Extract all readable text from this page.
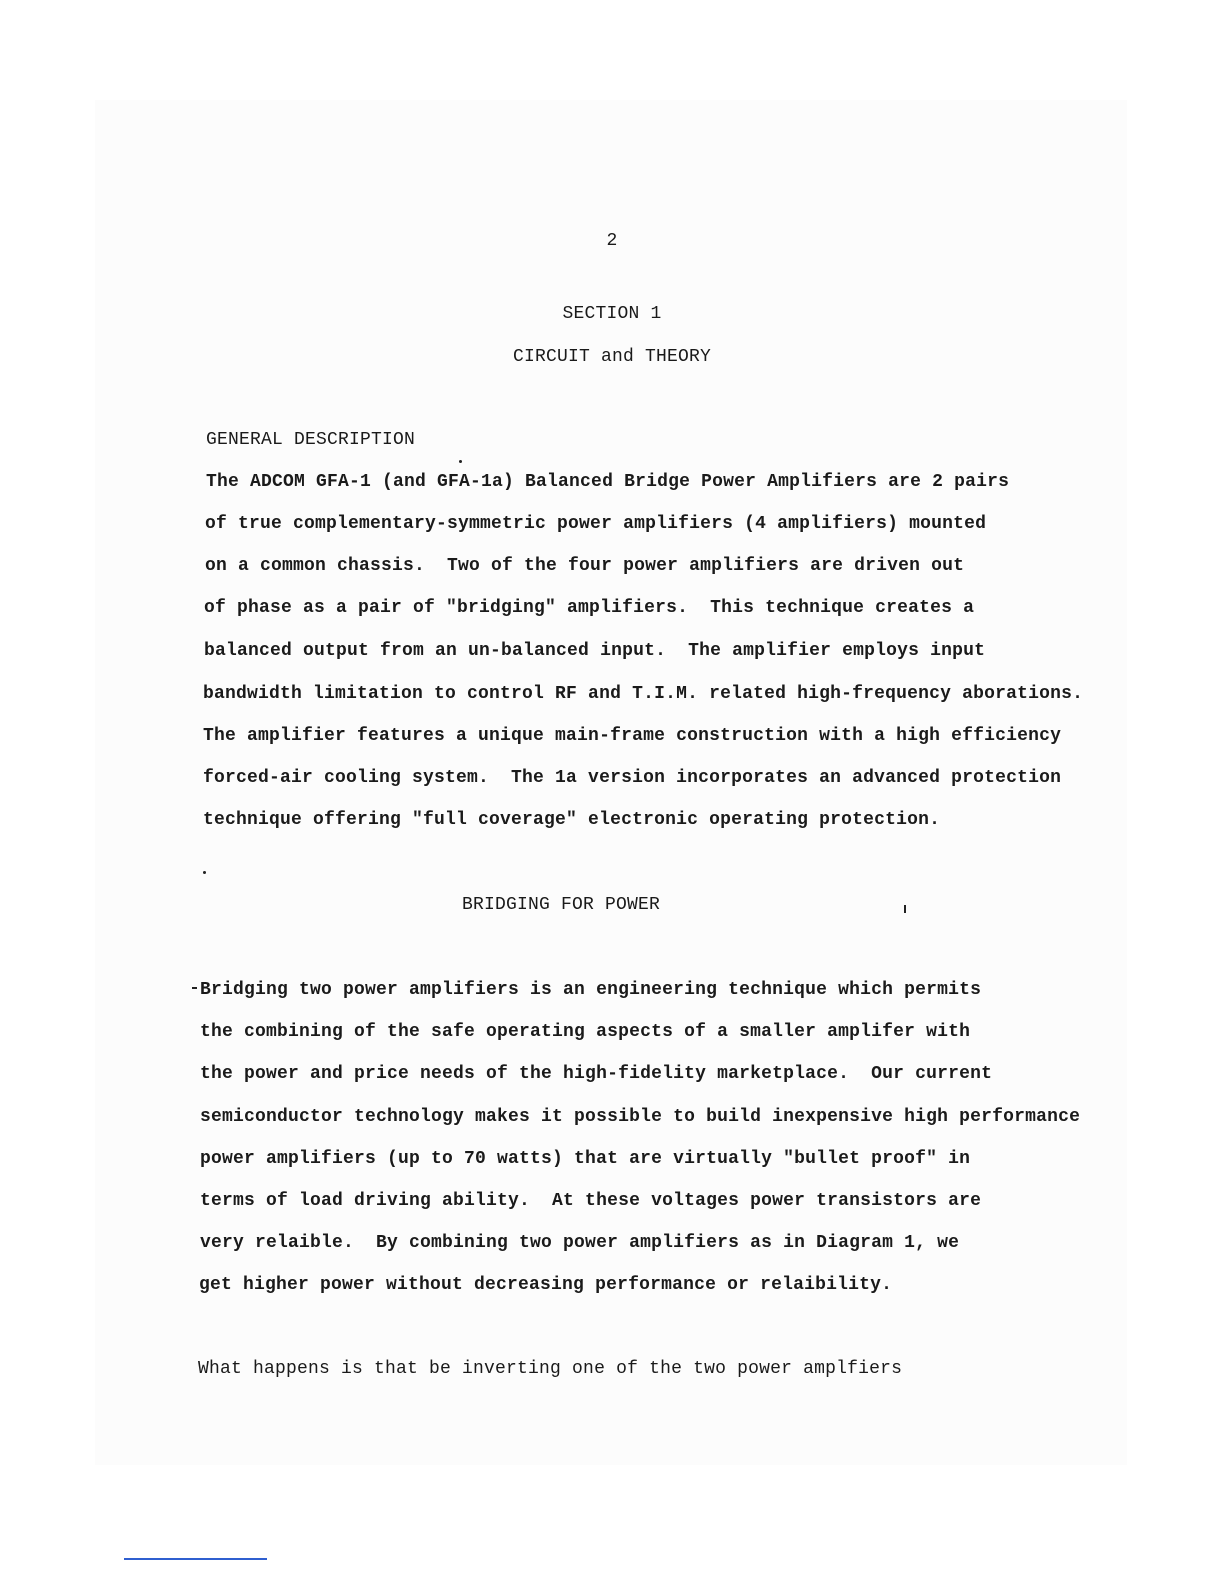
2
SECTION 1
CIRCUIT and THEORY
GENERAL DESCRIPTION
The ADCOM GFA-1 (and GFA-1a) Balanced Bridge Power Amplifiers are 2 pairs
of true complementary-symmetric power amplifiers (4 amplifiers) mounted
on a common chassis.  Two of the four power amplifiers are driven out
of phase as a pair of "bridging" amplifiers.  This technique creates a
balanced output from an un-balanced input.  The amplifier employs input
bandwidth limitation to control RF and T.I.M. related high-frequency aborations.
The amplifier features a unique main-frame construction with a high efficiency
forced-air cooling system.  The 1a version incorporates an advanced protection
technique offering "full coverage" electronic operating protection.
BRIDGING FOR POWER
Bridging two power amplifiers is an engineering technique which permits
the combining of the safe operating aspects of a smaller amplifer with
the power and price needs of the high-fidelity marketplace.  Our current
semiconductor technology makes it possible to build inexpensive high performance
power amplifiers (up to 70 watts) that are virtually "bullet proof" in
terms of load driving ability.  At these voltages power transistors are
very relaible.  By combining two power amplifiers as in Diagram 1, we
get higher power without decreasing performance or relaibility.
What happens is that be inverting one of the two power amplfiers
